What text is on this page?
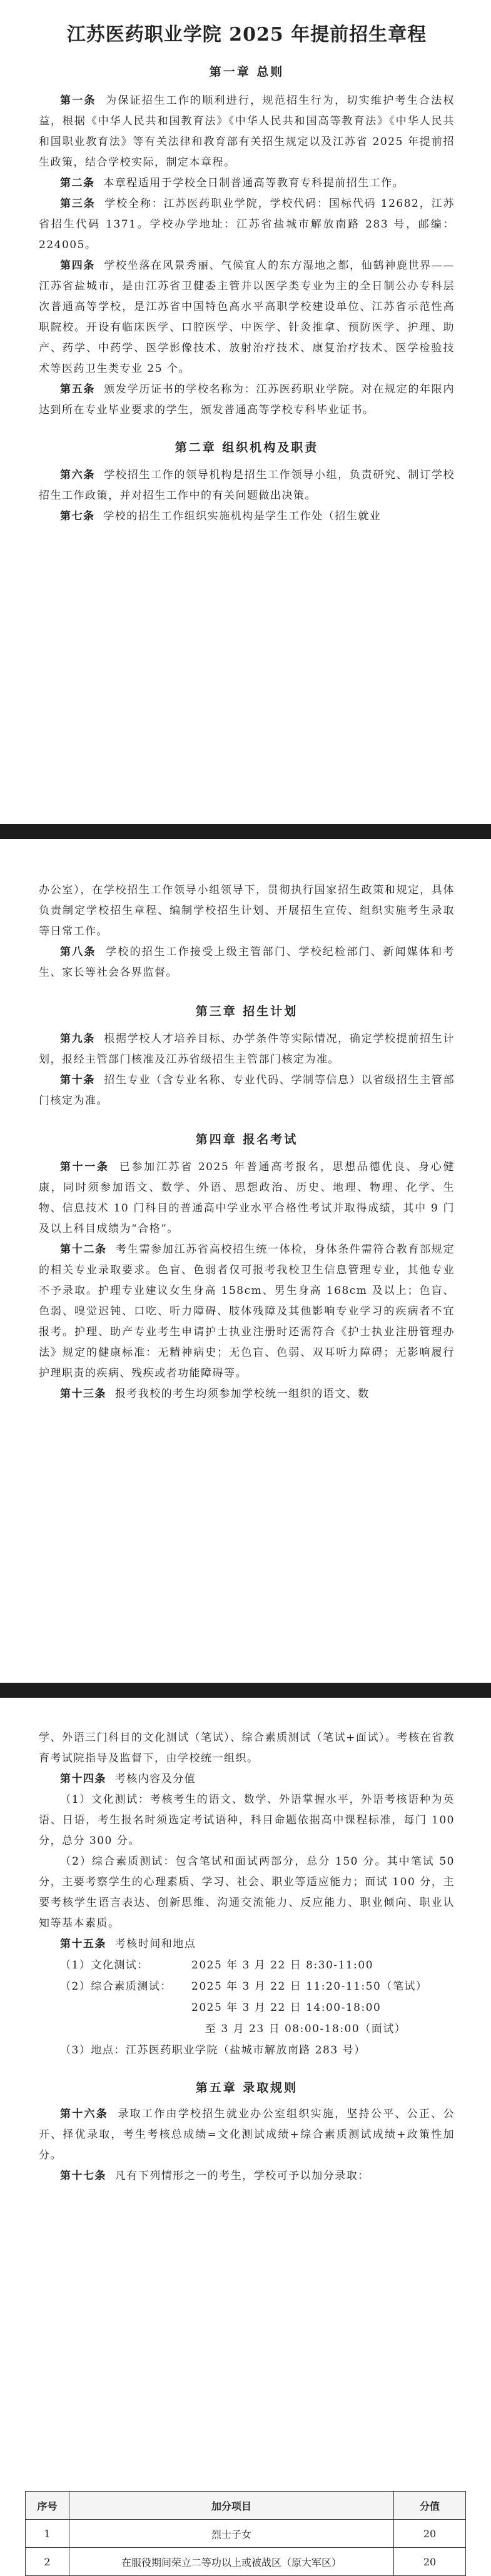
江苏医药职业学院 2025 年提前招生章程
第一章 总则

第一条 为保证招生工作的顺利进行，规范招生行为，切实维护考生合法权益，根据《中华人民共和国教育法》《中华人民共和国高等教育法》《中华人民共和国职业教育法》等有关法律和教育部有关招生规定以及江苏省 2025 年提前招生政策，结合学校实际，制定本章程。

第二条 本章程适用于学校全日制普通高等教育专科提前招生工作。

第三条 学校全称：江苏医药职业学院，学校代码：国标代码 12682，江苏省招生代码 1371。学校办学地址：江苏省盐城市解放南路 283 号，邮编：224005。

第四条 学校坐落在风景秀丽、气候宜人的东方湿地之都，仙鹤神鹿世界——江苏省盐城市，是由江苏省卫健委主管并以医学类专业为主的全日制公办专科层次普通高等学校，是江苏省中国特色高水平高职学校建设单位、江苏省示范性高职院校。开设有临床医学、口腔医学、中医学、针灸推拿、预防医学、护理、助产、药学、中药学、医学影像技术、放射治疗技术、康复治疗技术、医学检验技术等医药卫生类专业 25 个。

第五条 颁发学历证书的学校名称为：江苏医药职业学院。对在规定的年限内达到所在专业毕业要求的学生，颁发普通高等学校专科毕业证书。

第二章 组织机构及职责

第六条 学校招生工作的领导机构是招生工作领导小组，负责研究、制订学校招生工作政策，并对招生工作中的有关问题做出决策。

第七条 学校的招生工作组织实施机构是学生工作处（招生就业

办公室），在学校招生工作领导小组领导下，贯彻执行国家招生政策和规定，具体负责制定学校招生章程、编制学校招生计划、开展招生宣传、组织实施考生录取等日常工作。

第八条 学校的招生工作接受上级主管部门、学校纪检部门、新闻媒体和考生、家长等社会各界监督。

第三章 招生计划

第九条 根据学校人才培养目标、办学条件等实际情况，确定学校提前招生计划，报经主管部门核准及江苏省级招生主管部门核定为准。

第十条 招生专业（含专业名称、专业代码、学制等信息）以省级招生主管部门核定为准。

第四章 报名考试

第十一条 已参加江苏省 2025 年普通高考报名，思想品德优良、身心健康，同时须参加语文、数学、外语、思想政治、历史、地理、物理、化学、生物、信息技术 10 门科目的普通高中学业水平合格性考试并取得成绩，其中 9 门及以上科目成绩为“合格”。

第十二条 考生需参加江苏省高校招生统一体检，身体条件需符合教育部规定的相关专业录取要求。色盲、色弱者仅可报考我校卫生信息管理专业，其他专业不予录取。护理专业建议女生身高 158cm、男生身高 168cm 及以上；色盲、色弱、嗅觉迟钝、口吃、听力障碍、肢体残障及其他影响专业学习的疾病者不宜报考。护理、助产专业考生申请护士执业注册时还需符合《护士执业注册管理办法》规定的健康标准：无精神病史；无色盲、色弱、双耳听力障碍；无影响履行护理职责的疾病、残疾或者功能障碍等。

第十三条 报考我校的考生均须参加学校统一组织的语文、数

学、外语三门科目的文化测试（笔试）、综合素质测试（笔试+面试）。考核在省教育考试院指导及监督下，由学校统一组织。

第十四条 考核内容及分值

（1）文化测试：考核考生的语文、数学、外语掌握水平，外语考核语种为英语、日语，考生报名时须选定考试语种，科目命题依据高中课程标准，每门 100 分，总分 300 分。

（2）综合素质测试：包含笔试和面试两部分，总分 150 分。其中笔试 50 分，主要考察学生的心理素质、学习、社会、职业等适应能力；面试 100 分，主要考核学生语言表达、创新思维、沟通交流能力、反应能力、职业倾向、职业认知等基本素质。

第十五条 考核时间和地点

（1）文化测试：	2025 年 3 月 22 日 8:30-11:00
（2）综合素质测试： 2025 年 3 月 22 日 11:20-11:50（笔试）
2025 年 3 月 22 日 14:00-18:00
至 3 月 23 日 08:00-18:00（面试）
（3）地点：江苏医药职业学院（盐城市解放南路 283 号）
第五章 录取规则

第十六条 录取工作由学校招生就业办公室组织实施，坚持公平、公正、公开、择优录取，考生考核总成绩=文化测试成绩+综合素质测试成绩+政策性加分。

第十七条 凡有下列情形之一的考生，学校可予以加分录取：

序号	加分项目	分值
1	烈士子女	20
2	在服役期间荣立二等功以上或被战区（原大军区）	20
